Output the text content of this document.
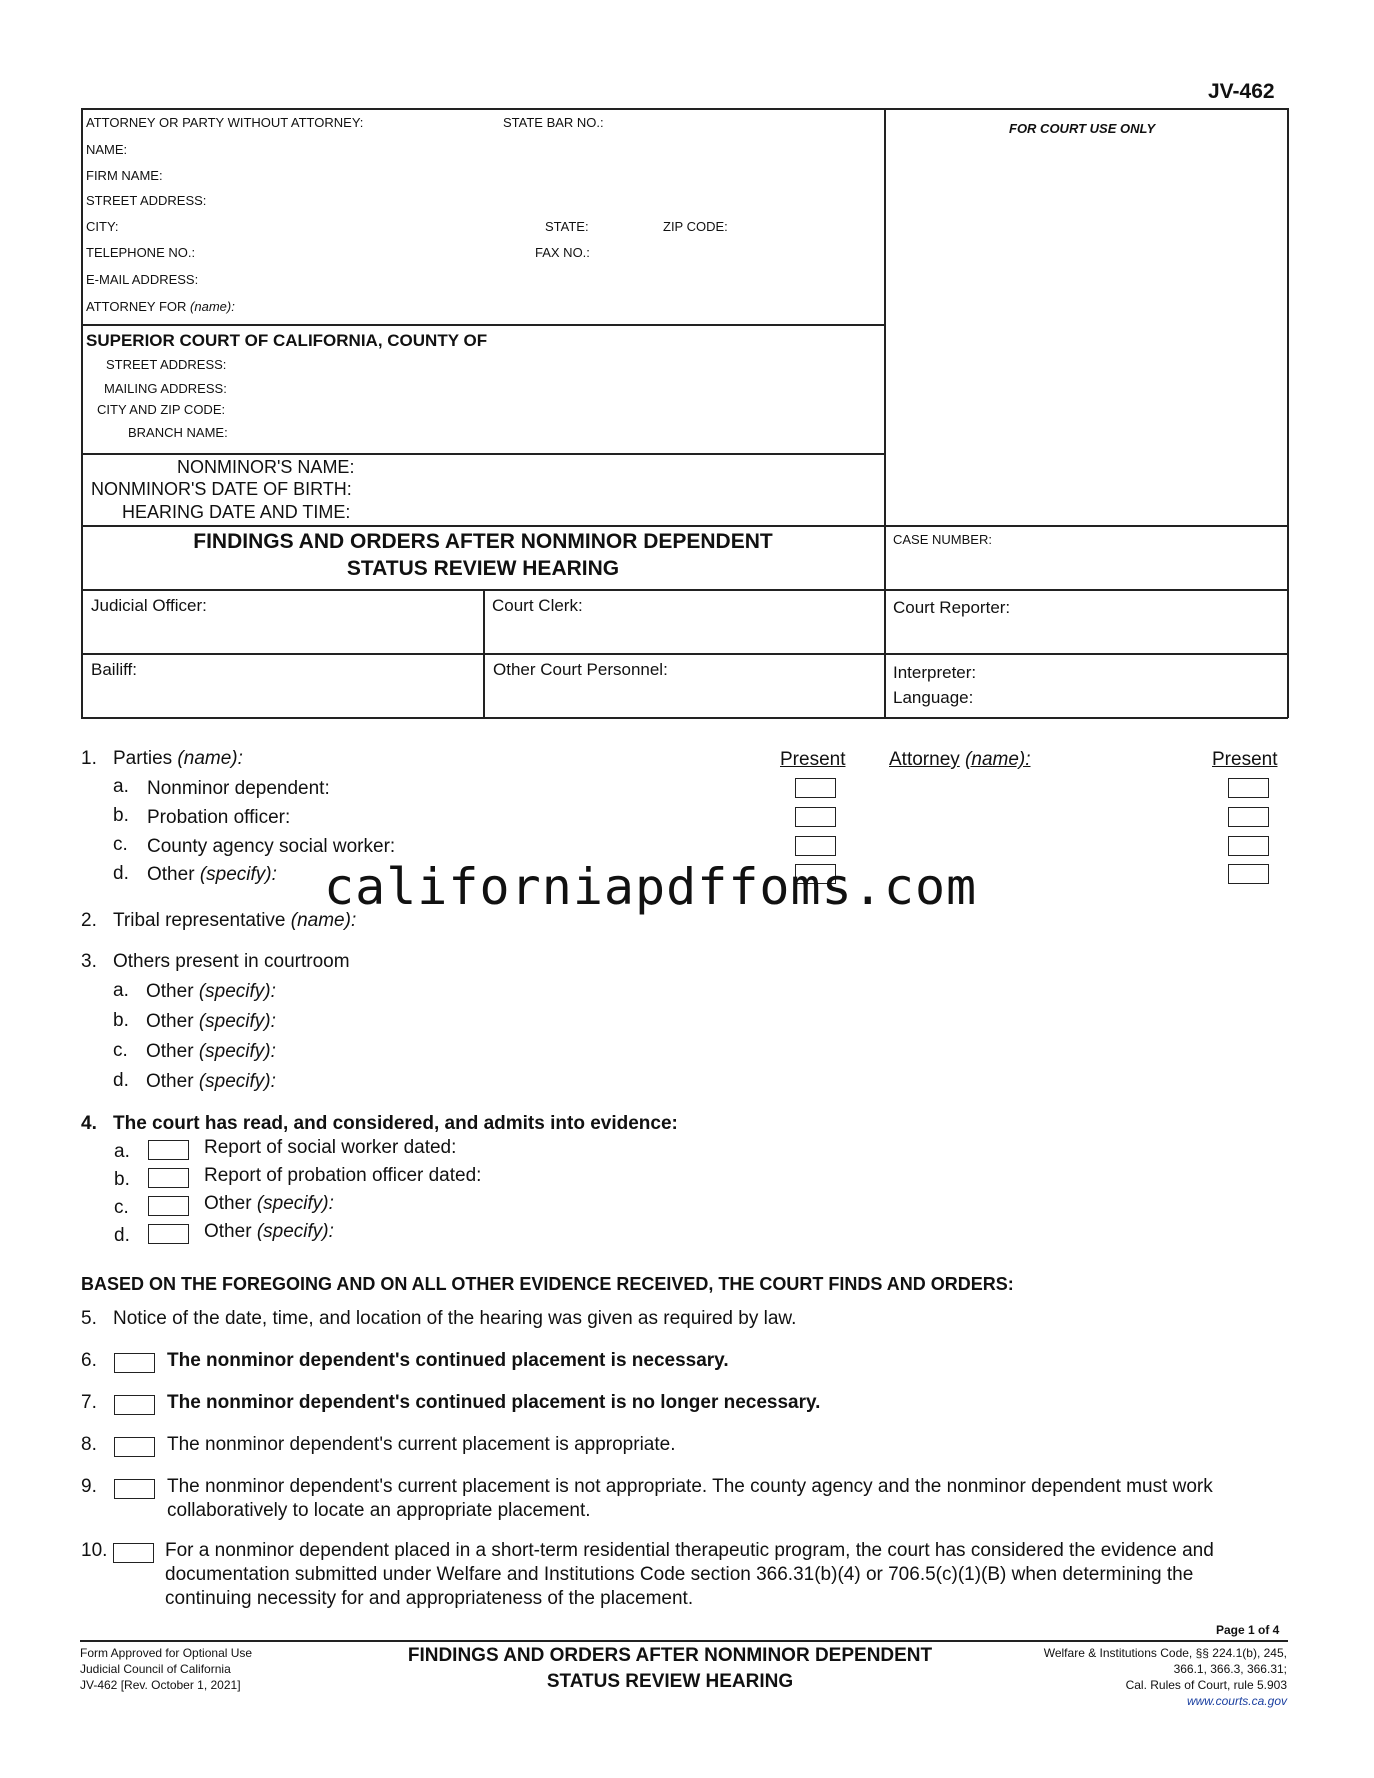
JV-462
ATTORNEY OR PARTY WITHOUT ATTORNEY:	STATE BAR NO.:
NAME:
FIRM NAME:
STREET ADDRESS:
CITY:	STATE:	ZIP CODE:
TELEPHONE NO.:	FAX NO.:
E-MAIL ADDRESS:
ATTORNEY FOR (name):
FOR COURT USE ONLY
SUPERIOR COURT OF CALIFORNIA, COUNTY OF
STREET ADDRESS:
MAILING ADDRESS:
CITY AND ZIP CODE:
BRANCH NAME:
NONMINOR'S NAME:
NONMINOR'S DATE OF BIRTH:
HEARING DATE AND TIME:
FINDINGS AND ORDERS AFTER NONMINOR DEPENDENT
STATUS REVIEW HEARING
CASE NUMBER:
Judicial Officer:	Court Clerk:	Court Reporter:
Bailiff:	Other Court Personnel:	Interpreter:
Language:
1. Parties (name):	Present Attorney (name):	Present
a. Nonminor dependent:
b. Probation officer:
c. County agency social worker:
d. Other (specify): californiapdffoms.com
2. Tribal representative (name):
3. Others present in courtroom
a. Other (specify):
b. Other (specify):
c. Other (specify):
d. Other (specify):
4. The court has read, and considered, and admits into evidence:
a.	Report of social worker dated:
b.	Report of probation officer dated:
c.	Other (specify):
d.	Other (specify):
BASED ON THE FOREGOING AND ON ALL OTHER EVIDENCE RECEIVED, THE COURT FINDS AND ORDERS:
5. Notice of the date, time, and location of the hearing was given as required by law.
6.	The nonminor dependent's continued placement is necessary.
7.	The nonminor dependent's continued placement is no longer necessary.
8.	The nonminor dependent's current placement is appropriate.
9.	The nonminor dependent's current placement is not appropriate. The county agency and the nonminor dependent must work
collaboratively to locate an appropriate placement.
10.	For a nonminor dependent placed in a short-term residential therapeutic program, the court has considered the evidence and
documentation submitted under Welfare and Institutions Code section 366.31(b)(4) or 706.5(c)(1)(B) when determining the
continuing necessity for and appropriateness of the placement.
Page 1 of 4
Form Approved for Optional Use
Judicial Council of California
JV-462 [Rev. October 1, 2021]
FINDINGS AND ORDERS AFTER NONMINOR DEPENDENT
STATUS REVIEW HEARING
Welfare & Institutions Code, §§ 224.1(b), 245,
366.1, 366.3, 366.31;
Cal. Rules of Court, rule 5.903
www.courts.ca.gov
